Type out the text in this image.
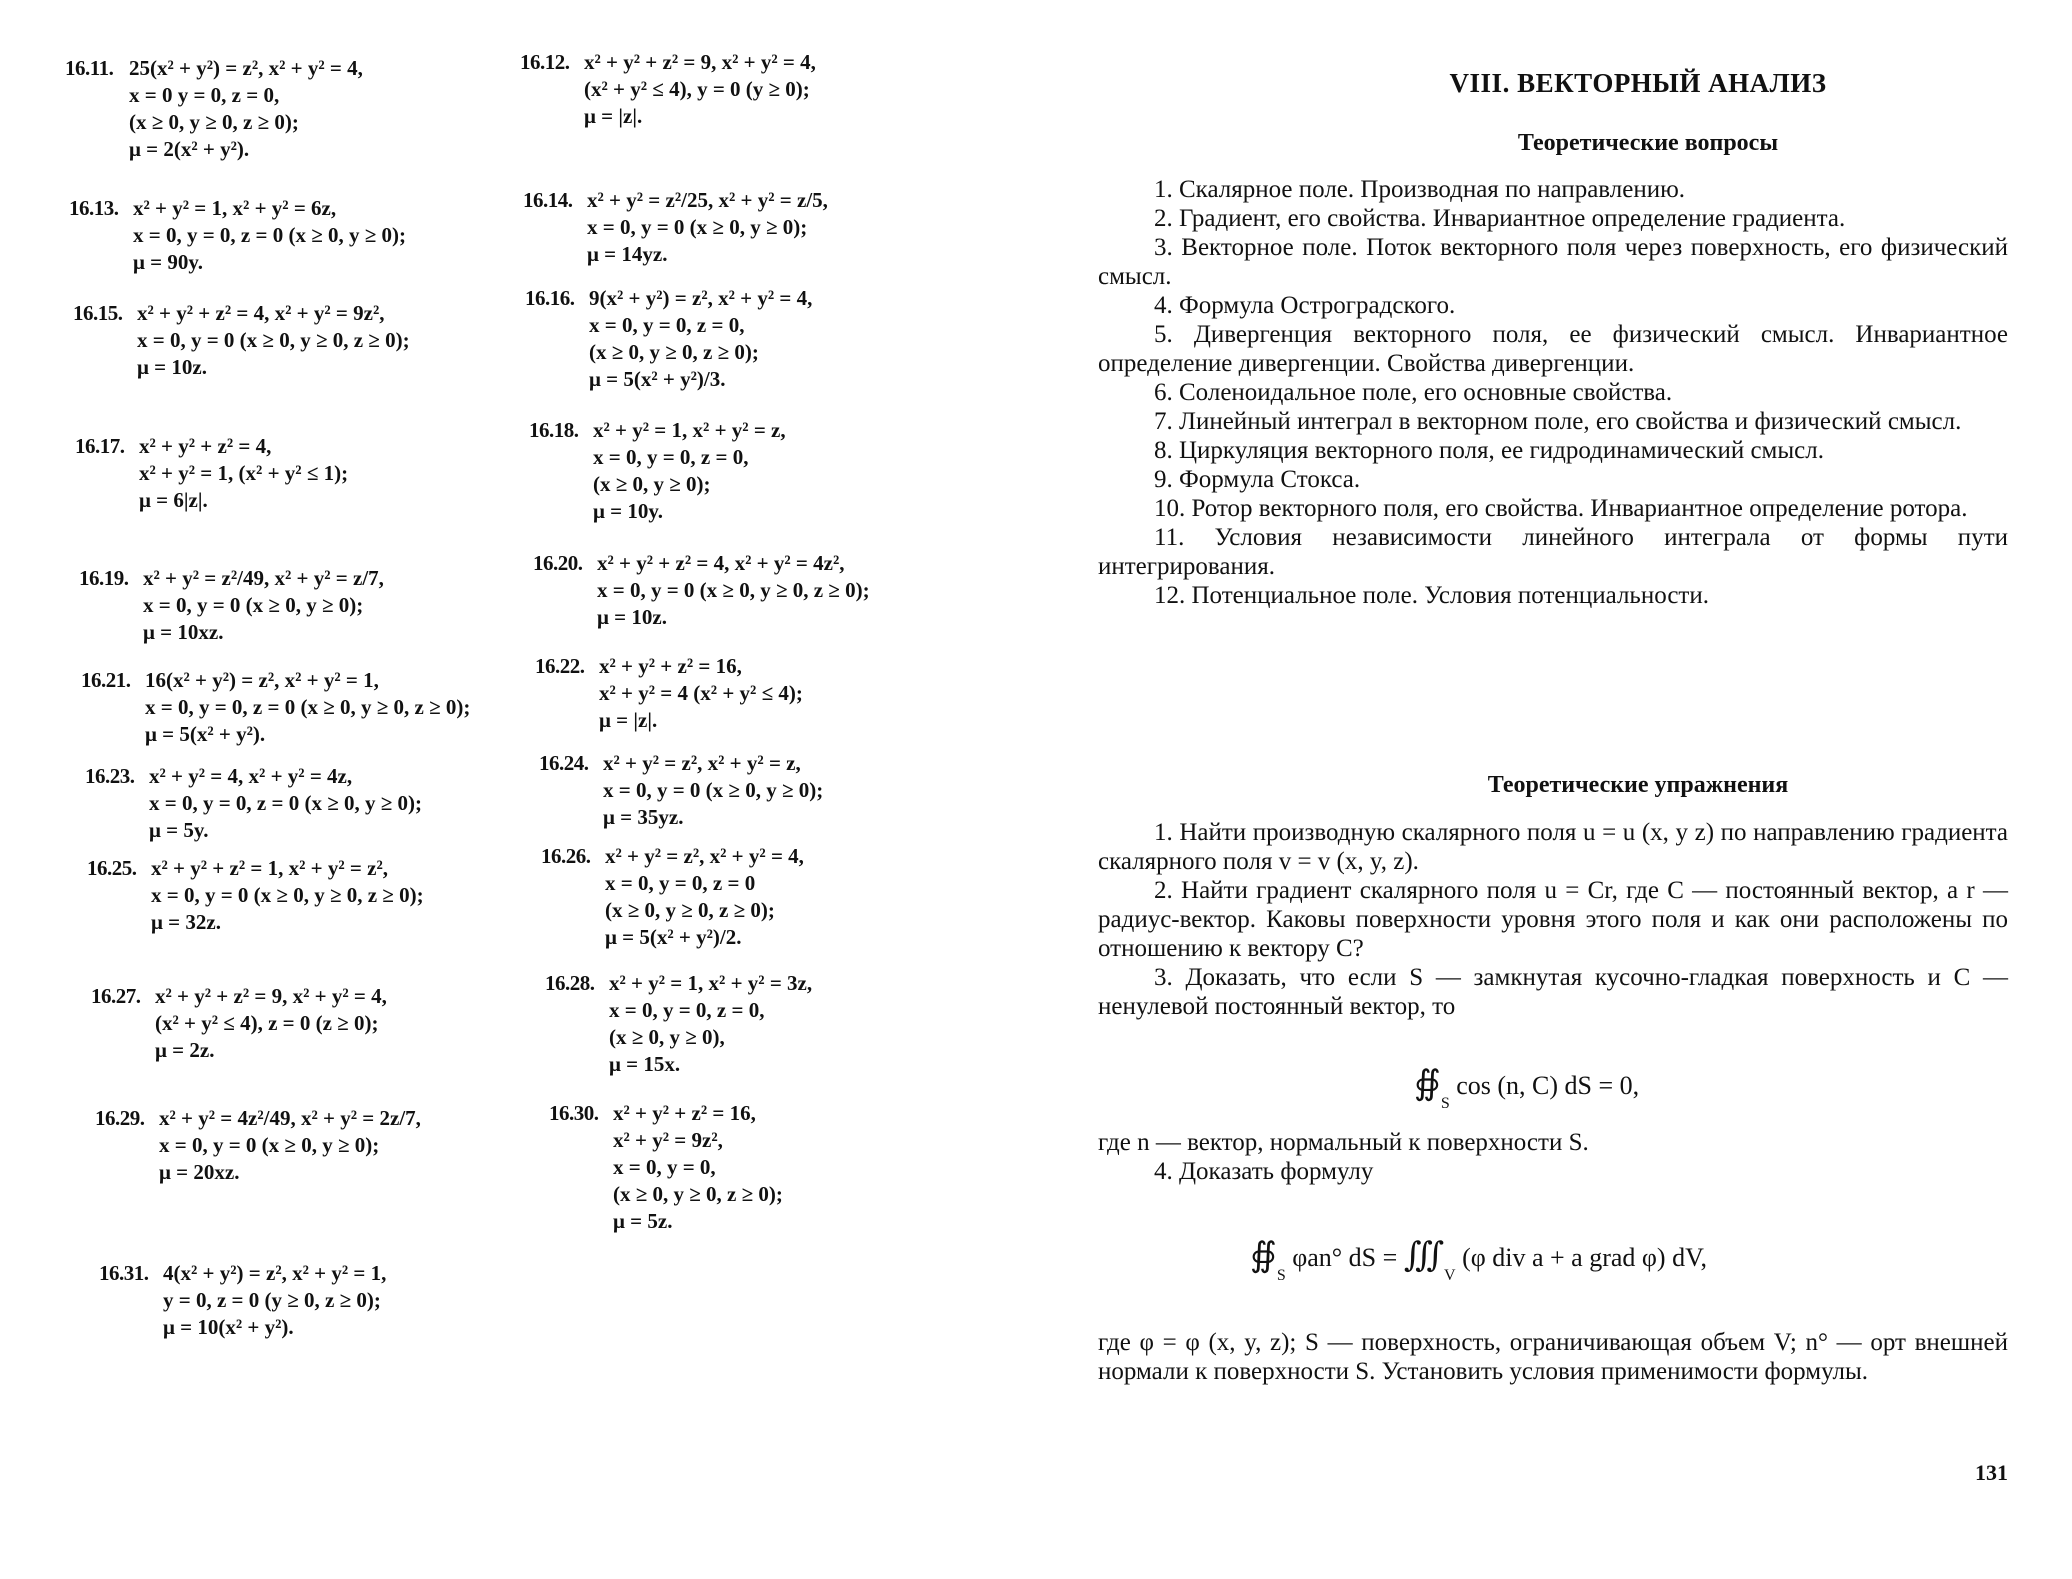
16.11. 25(x² + y²) = z², x² + y² = 4,
x = 0 y = 0, z = 0,
(x ≥ 0, y ≥ 0, z ≥ 0);
μ = 2(x² + y²).
16.13. x² + y² = 1, x² + y² = 6z,
x = 0, y = 0, z = 0 (x ≥ 0, y ≥ 0);
μ = 90y.
16.15. x² + y² + z² = 4, x² + y² = 9z²,
x = 0, y = 0 (x ≥ 0, y ≥ 0, z ≥ 0);
μ = 10z.
16.17. x² + y² + z² = 4,
x² + y² = 1, (x² + y² ≤ 1);
μ = 6|z|.
16.19. x² + y² = z²/49, x² + y² = z/7,
x = 0, y = 0 (x ≥ 0, y ≥ 0);
μ = 10xz.
16.21. 16(x² + y²) = z², x² + y² = 1,
x = 0, y = 0, z = 0 (x ≥ 0, y ≥ 0, z ≥ 0);
μ = 5(x² + y²).
16.23. x² + y² = 4, x² + y² = 4z,
x = 0, y = 0, z = 0 (x ≥ 0, y ≥ 0);
μ = 5y.
16.25. x² + y² + z² = 1, x² + y² = z²,
x = 0, y = 0 (x ≥ 0, y ≥ 0, z ≥ 0);
μ = 32z.
16.27. x² + y² + z² = 9, x² + y² = 4,
(x² + y² ≤ 4), z = 0 (z ≥ 0);
μ = 2z.
16.29. x² + y² = 4z²/49, x² + y² = 2z/7,
x = 0, y = 0 (x ≥ 0, y ≥ 0);
μ = 20xz.
16.31. 4(x² + y²) = z², x² + y² = 1,
y = 0, z = 0 (y ≥ 0, z ≥ 0);
μ = 10(x² + y²).
16.12. x² + y² + z² = 9, x² + y² = 4,
(x² + y² ≤ 4), y = 0 (y ≥ 0);
μ = |z|.
16.14. x² + y² = z²/25, x² + y² = z/5,
x = 0, y = 0 (x ≥ 0, y ≥ 0);
μ = 14yz.
16.16. 9(x² + y²) = z², x² + y² = 4,
x = 0, y = 0, z = 0,
(x ≥ 0, y ≥ 0, z ≥ 0);
μ = 5(x² + y²)/3.
16.18. x² + y² = 1, x² + y² = z,
x = 0, y = 0, z = 0,
(x ≥ 0, y ≥ 0);
μ = 10y.
16.20. x² + y² + z² = 4, x² + y² = 4z²,
x = 0, y = 0 (x ≥ 0, y ≥ 0, z ≥ 0);
μ = 10z.
16.22. x² + y² + z² = 16,
x² + y² = 4 (x² + y² ≤ 4);
μ = |z|.
16.24. x² + y² = z², x² + y² = z,
x = 0, y = 0 (x ≥ 0, y ≥ 0);
μ = 35yz.
16.26. x² + y² = z², x² + y² = 4,
x = 0, y = 0, z = 0
(x ≥ 0, y ≥ 0, z ≥ 0);
μ = 5(x² + y²)/2.
16.28. x² + y² = 1, x² + y² = 3z,
x = 0, y = 0, z = 0,
(x ≥ 0, y ≥ 0),
μ = 15x.
16.30. x² + y² + z² = 16,
x² + y² = 9z²,
x = 0, y = 0,
(x ≥ 0, y ≥ 0, z ≥ 0);
μ = 5z.
VIII. ВЕКТОРНЫЙ АНАЛИЗ
Теоретические вопросы

1. Скалярное поле. Производная по направлению.

2. Градиент, его свойства. Инвариантное определение градиента.

3. Векторное поле. Поток векторного поля через поверхность, его физический смысл.

4. Формула Остроградского.

5. Дивергенция векторного поля, ее физический смысл. Инвариантное определение дивергенции. Свойства дивергенции.

6. Соленоидальное поле, его основные свойства.

7. Линейный интеграл в векторном поле, его свойства и физический смысл.

8. Циркуляция векторного поля, ее гидродинамический смысл.

9. Формула Стокса.

10. Ротор векторного поля, его свойства. Инвариантное определение ротора.

11. Условия независимости линейного интеграла от формы пути интегрирования.

12. Потенциальное поле. Условия потенциальности.

Теоретические упражнения

1. Найти производную скалярного поля u = u (x, y z) по направлению градиента скалярного поля v = v (x, y, z).

2. Найти градиент скалярного поля u = Cr, где C — постоянный вектор, а r — радиус-вектор. Каковы поверхности уровня этого поля и как они расположены по отношению к вектору C?

3. Доказать, что если S — замкнутая кусочно-гладкая поверхность и C — ненулевой постоянный вектор, то

$∯_S$ cos (n, C) dS = 0,

где n — вектор, нормальный к поверхности S.

4. Доказать формулу

$∯_S$ φan° dS = $∭_V$ (φ div a + a grad φ) dV,

где φ = φ (x, y, z); S — поверхность, ограничивающая объем V; n° — орт внешней нормали к поверхности S. Установить условия применимости формулы.

131
